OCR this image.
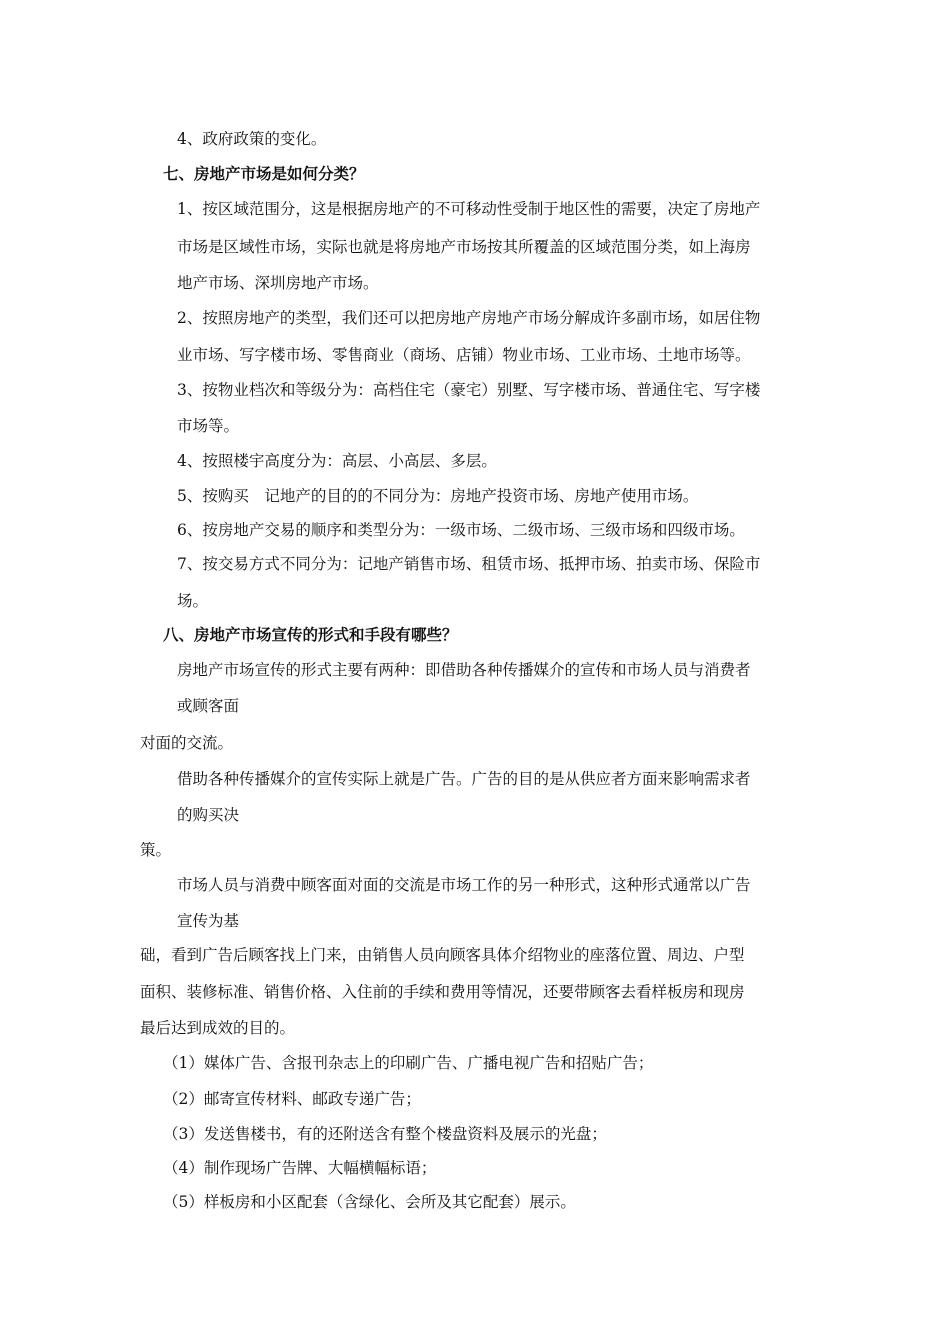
4、政府政策的变化。
七、房地产市场是如何分类？
1、按区域范围分，这是根据房地产的不可移动性受制于地区性的需要，决定了房地产
市场是区域性市场，实际也就是将房地产市场按其所覆盖的区域范围分类，如上海房
地产市场、深圳房地产市场。
2、按照房地产的类型，我们还可以把房地产房地产市场分解成许多副市场，如居住物
业市场、写字楼市场、零售商业（商场、店铺）物业市场、工业市场、土地市场等。
3、按物业档次和等级分为：高档住宅（豪宅）别墅、写字楼市场、普通住宅、写字楼
市场等。
4、按照楼宇高度分为：高层、小高层、多层。
5、按购买　记地产的目的的不同分为：房地产投资市场、房地产使用市场。
6、按房地产交易的顺序和类型分为：一级市场、二级市场、三级市场和四级市场。
7、按交易方式不同分为：记地产销售市场、租赁市场、抵押市场、拍卖市场、保险市
场。
八、房地产市场宣传的形式和手段有哪些？
房地产市场宣传的形式主要有两种：即借助各种传播媒介的宣传和市场人员与消费者
或顾客面
对面的交流。
借助各种传播媒介的宣传实际上就是广告。广告的目的是从供应者方面来影响需求者
的购买决
策。
市场人员与消费中顾客面对面的交流是市场工作的另一种形式，这种形式通常以广告
宣传为基
础，看到广告后顾客找上门来，由销售人员向顾客具体介绍物业的座落位置、周边、户型
面积、装修标准、销售价格、入住前的手续和费用等情况，还要带顾客去看样板房和现房
最后达到成效的目的。
（1）媒体广告、含报刊杂志上的印刷广告、广播电视广告和招贴广告；
（2）邮寄宣传材料、邮政专递广告；
（3）发送售楼书，有的还附送含有整个楼盘资料及展示的光盘；
（4）制作现场广告牌、大幅横幅标语；
（5）样板房和小区配套（含绿化、会所及其它配套）展示。
